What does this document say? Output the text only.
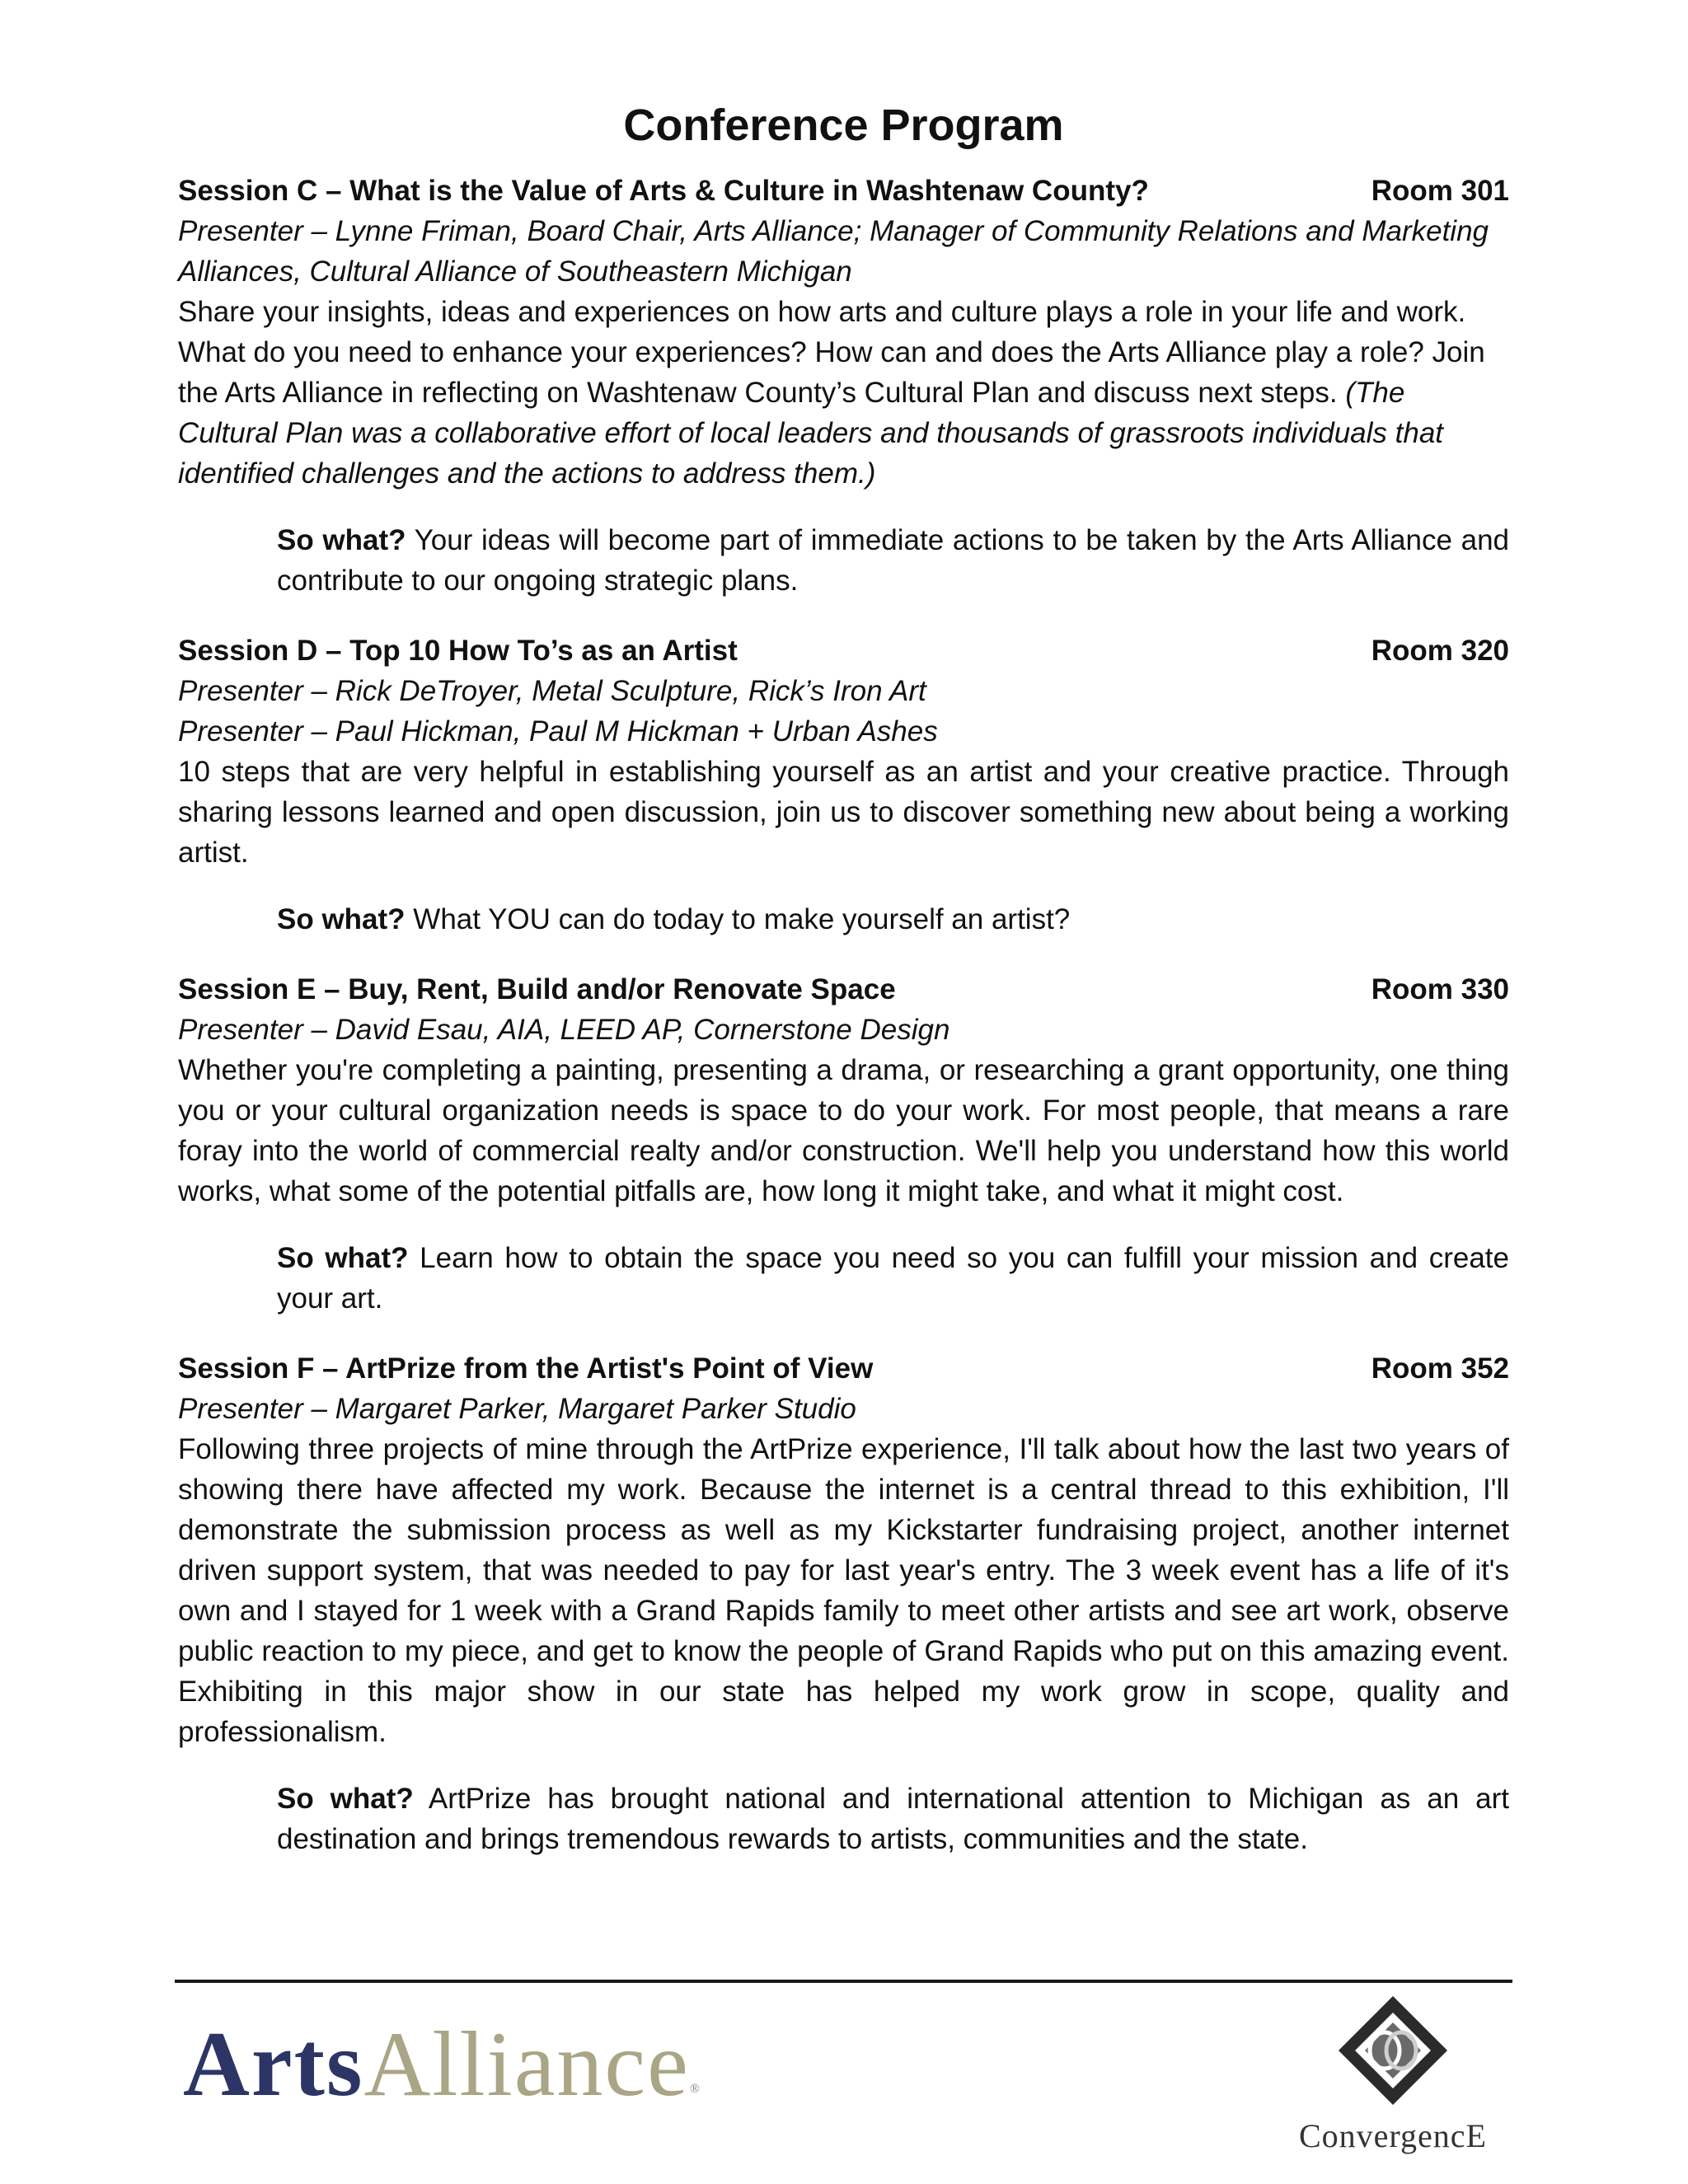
Conference Program
Session C – What is the Value of Arts & Culture in Washtenaw County?	Room 301
Presenter – Lynne Friman, Board Chair, Arts Alliance; Manager of Community Relations and Marketing Alliances, Cultural Alliance of Southeastern Michigan
Share your insights, ideas and experiences on how arts and culture plays a role in your life and work. What do you need to enhance your experiences? How can and does the Arts Alliance play a role? Join the Arts Alliance in reflecting on Washtenaw County’s Cultural Plan and discuss next steps. (The Cultural Plan was a collaborative effort of local leaders and thousands of grassroots individuals that identified challenges and the actions to address them.)
So what? Your ideas will become part of immediate actions to be taken by the Arts Alliance and contribute to our ongoing strategic plans.
Session D – Top 10 How To’s as an Artist	Room 320
Presenter – Rick DeTroyer, Metal Sculpture, Rick’s Iron Art
Presenter – Paul Hickman, Paul M Hickman + Urban Ashes
10 steps that are very helpful in establishing yourself as an artist and your creative practice. Through sharing lessons learned and open discussion, join us to discover something new about being a working artist.
So what? What YOU can do today to make yourself an artist?
Session E – Buy, Rent, Build and/or Renovate Space	Room 330
Presenter – David Esau, AIA, LEED AP, Cornerstone Design
Whether you're completing a painting, presenting a drama, or researching a grant opportunity, one thing you or your cultural organization needs is space to do your work. For most people, that means a rare foray into the world of commercial realty and/or construction. We'll help you understand how this world works, what some of the potential pitfalls are, how long it might take, and what it might cost.
So what? Learn how to obtain the space you need so you can fulfill your mission and create your art.
Session F – ArtPrize from the Artist's Point of View	Room 352
Presenter – Margaret Parker, Margaret Parker Studio
Following three projects of mine through the ArtPrize experience, I'll talk about how the last two years of showing there have affected my work. Because the internet is a central thread to this exhibition, I'll demonstrate the submission process as well as my Kickstarter fundraising project, another internet driven support system, that was needed to pay for last year's entry. The 3 week event has a life of it's own and I stayed for 1 week with a Grand Rapids family to meet other artists and see art work, observe public reaction to my piece, and get to know the people of Grand Rapids who put on this amazing event. Exhibiting in this major show in our state has helped my work grow in scope, quality and professionalism.
So what? ArtPrize has brought national and international attention to Michigan as an art destination and brings tremendous rewards to artists, communities and the state.
ArtsAlliance®
ConvergencE
